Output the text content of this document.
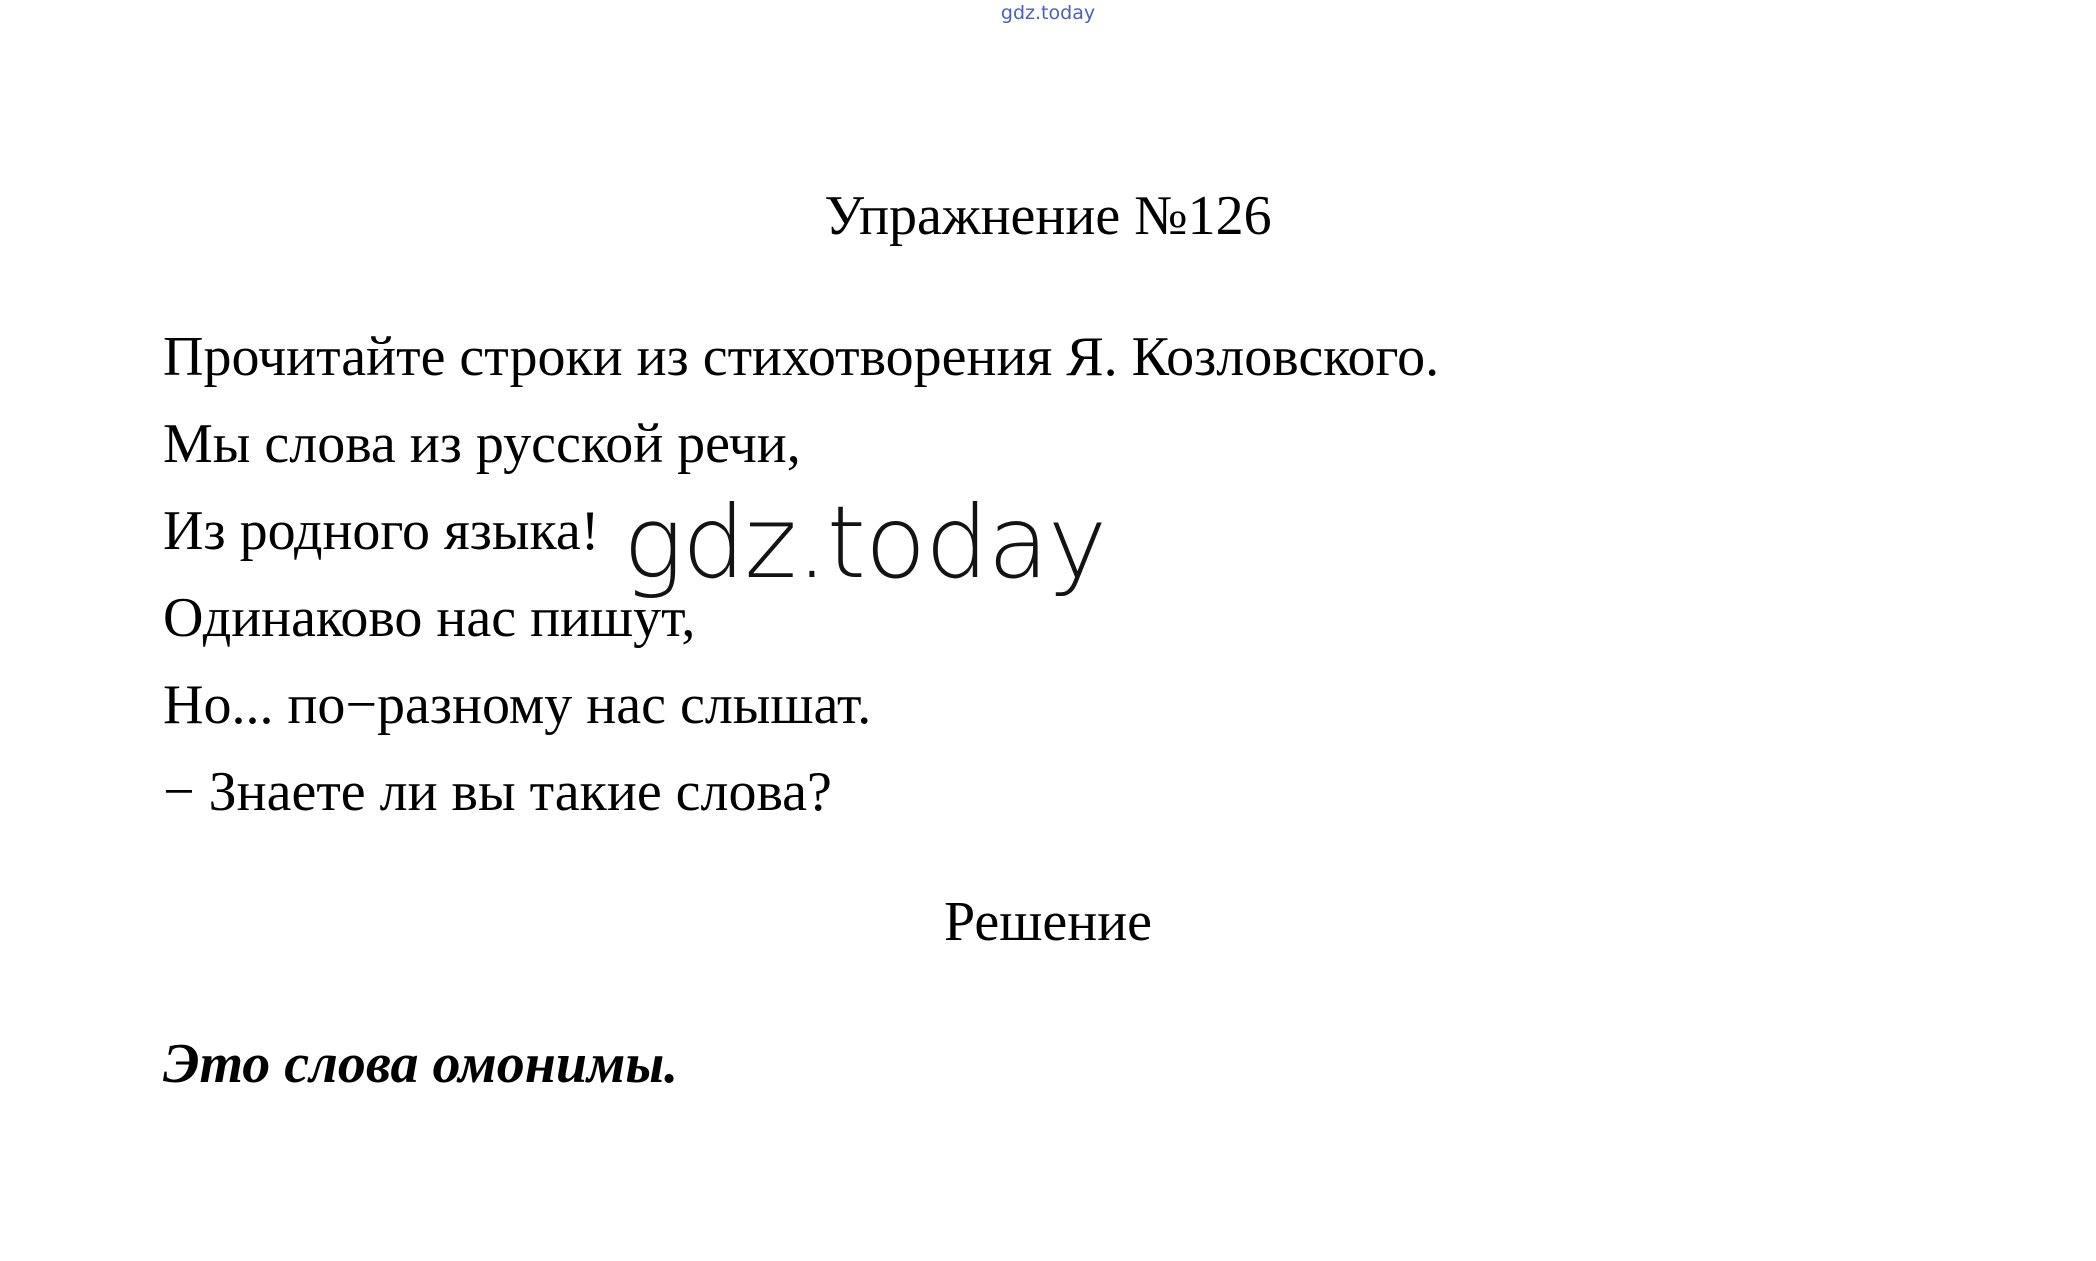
gdz.today
Упражнение №126
Прочитайте строки из стихотворения Я. Козловского.
Мы слова из русской речи,
Из родного языка!
Одинаково нас пишут,
Но... по−разному нас слышат.
− Знаете ли вы такие слова?
gdz.today
Решение
Это слова омонимы.
